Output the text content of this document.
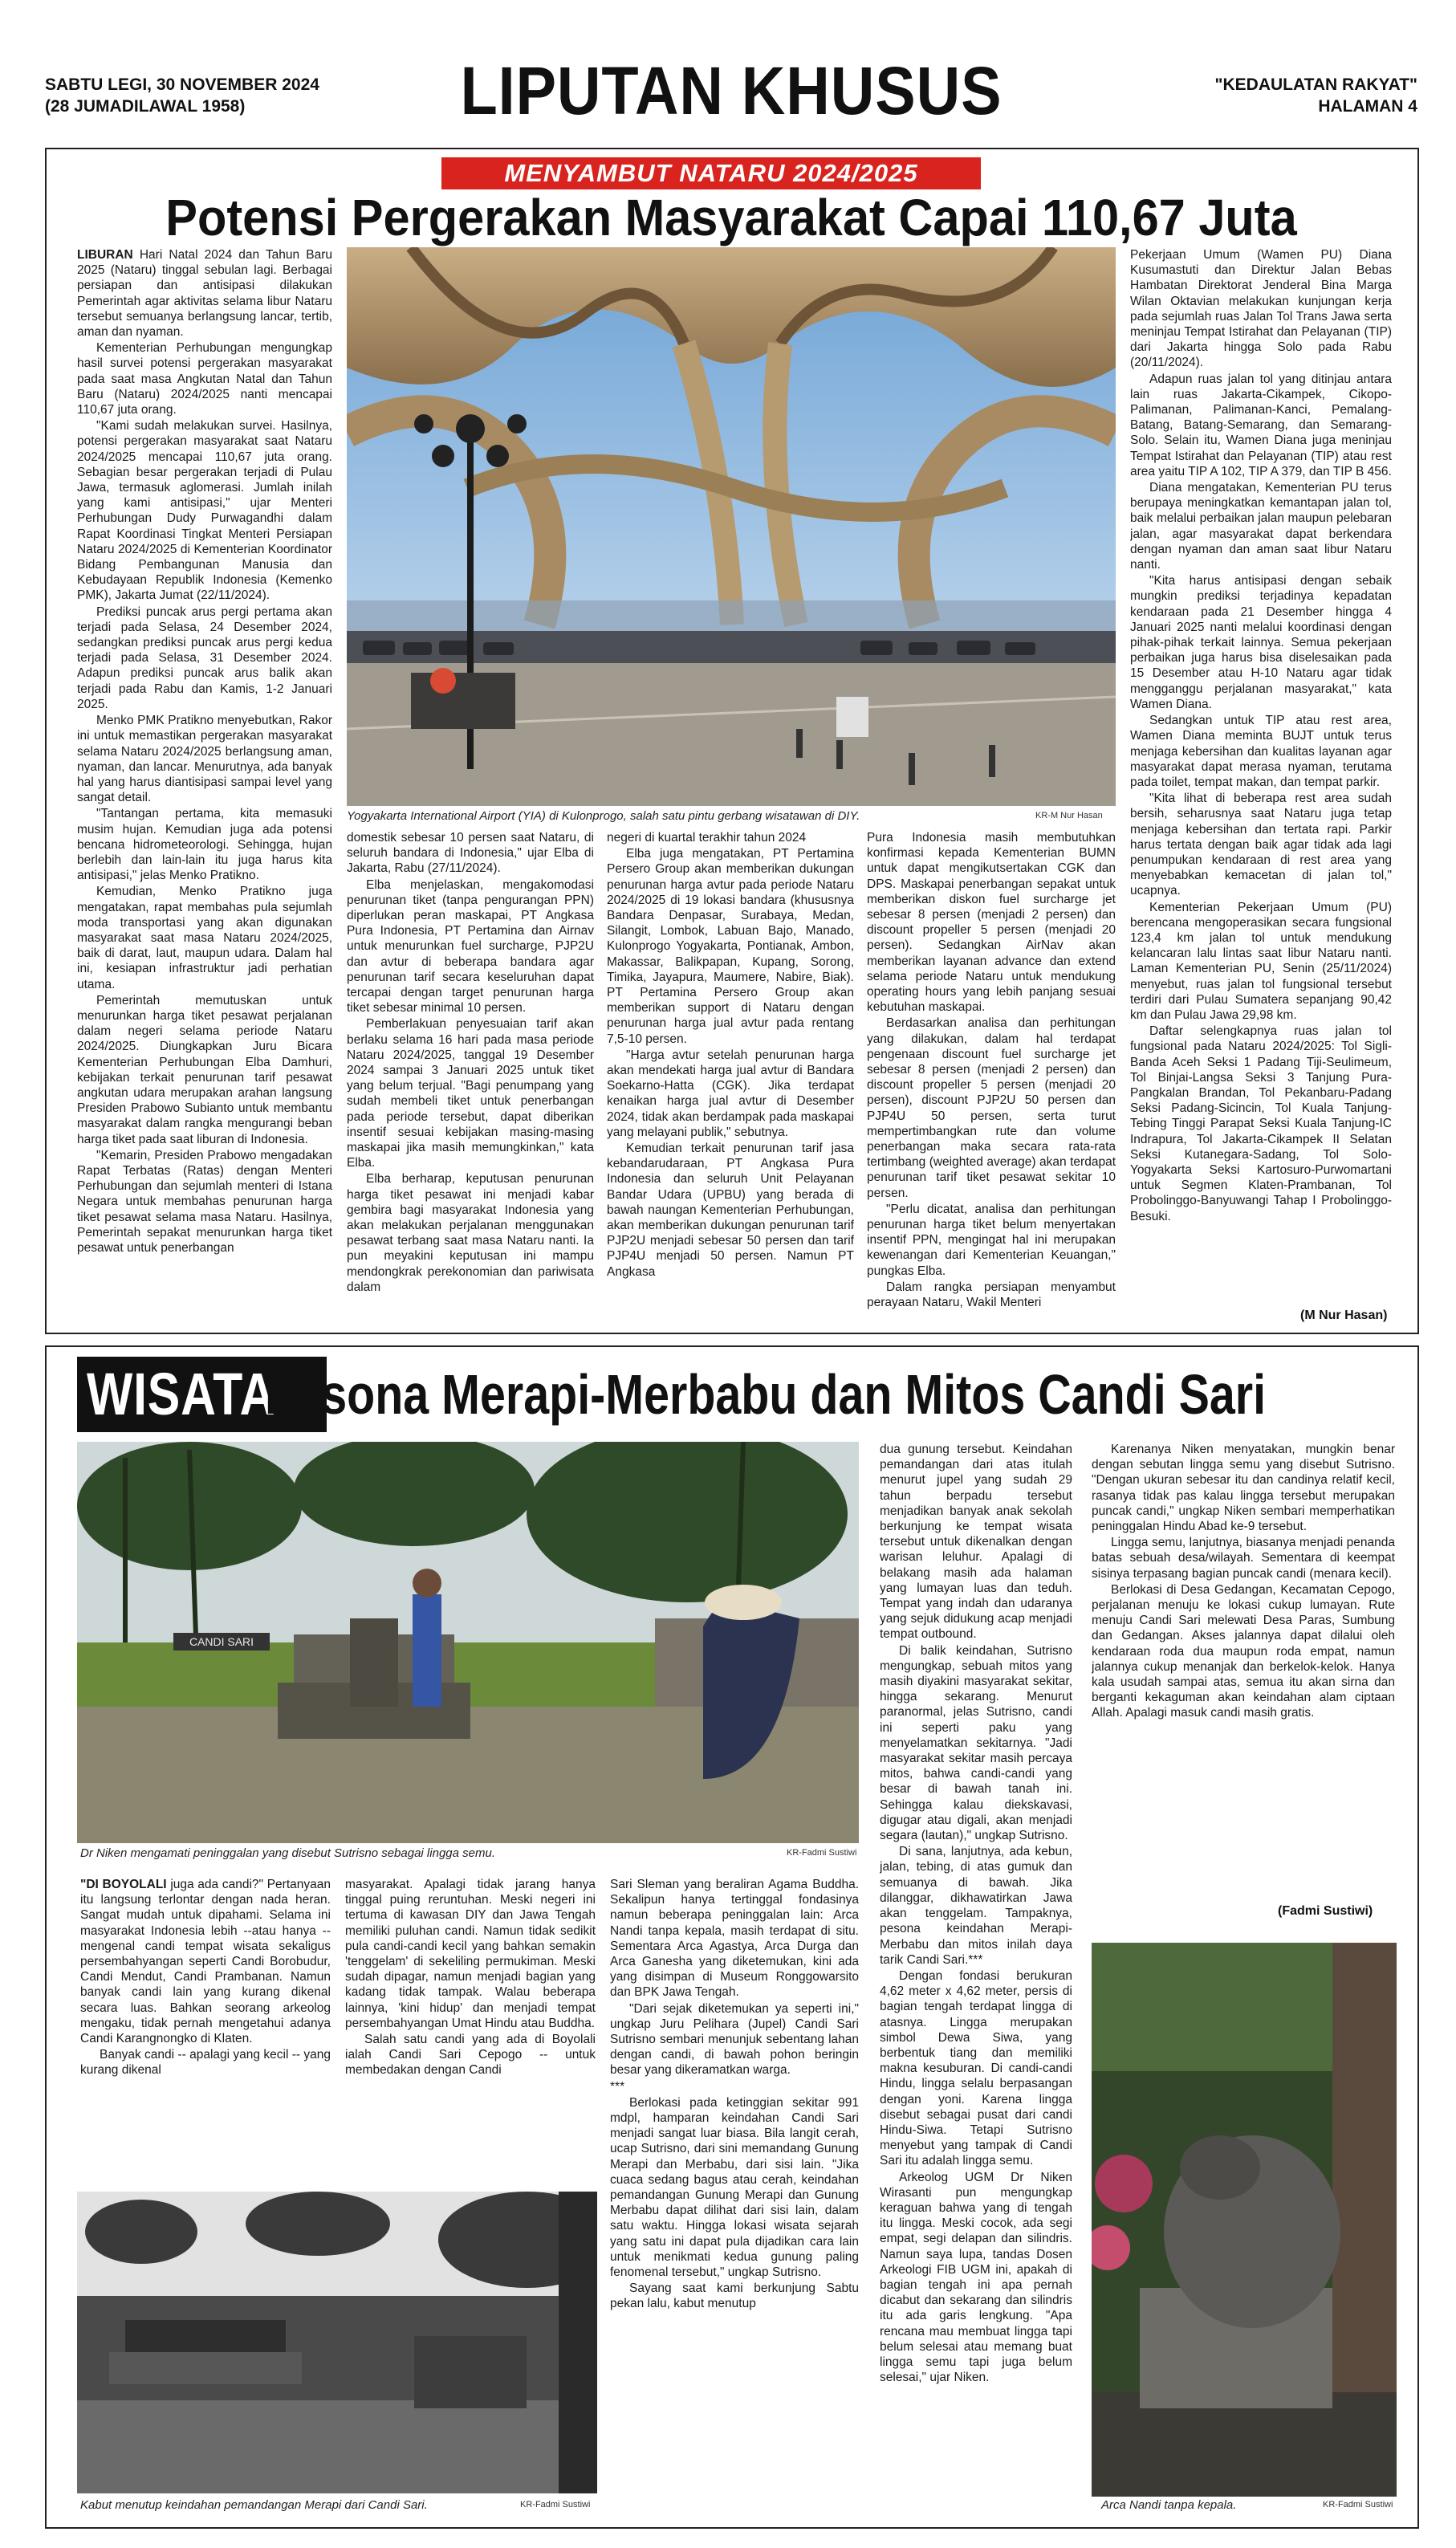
SABTU LEGI, 30 NOVEMBER 2024
(28 JUMADILAWAL 1958)	LIPUTAN KHUSUS	"KEDAULATAN RAKYAT"
HALAMAN 4
MENYAMBUT NATARU 2024/2025
Potensi Pergerakan Masyarakat Capai 110,67 Juta
Yogyakarta International Airport (YIA) di Kulonprogo, salah satu pintu gerbang wisatawan di DIY.	KR-M Nur Hasan

LIBURAN Hari Natal 2024 dan Tahun Baru 2025 (Nataru) tinggal sebulan lagi. Berbagai persiapan dan antisipasi dilakukan Pemerintah agar aktivitas selama libur Nataru tersebut semuanya berlangsung lancar, tertib, aman dan nyaman.

Kementerian Perhubungan mengungkap hasil survei potensi pergerakan masyarakat pada saat masa Angkutan Natal dan Tahun Baru (Nataru) 2024/2025 nanti mencapai 110,67 juta orang.

"Kami sudah melakukan survei. Hasilnya, potensi pergerakan masyarakat saat Nataru 2024/2025 mencapai 110,67 juta orang. Sebagian besar pergerakan terjadi di Pulau Jawa, termasuk aglomerasi. Jumlah inilah yang kami antisipasi," ujar Menteri Perhubungan Dudy Purwagandhi dalam Rapat Koordinasi Tingkat Menteri Persiapan Nataru 2024/2025 di Kementerian Koordinator Bidang Pembangunan Manusia dan Kebudayaan Republik Indonesia (Kemenko PMK), Jakarta Jumat (22/11/2024).

Prediksi puncak arus pergi pertama akan terjadi pada Selasa, 24 Desember 2024, sedangkan prediksi puncak arus pergi kedua terjadi pada Selasa, 31 Desember 2024. Adapun prediksi puncak arus balik akan terjadi pada Rabu dan Kamis, 1-2 Januari 2025.

Menko PMK Pratikno menyebutkan, Rakor ini untuk memastikan pergerakan masyarakat selama Nataru 2024/2025 berlangsung aman, nyaman, dan lancar. Menurutnya, ada banyak hal yang harus diantisipasi sampai level yang sangat detail.

"Tantangan pertama, kita memasuki musim hujan. Kemudian juga ada potensi bencana hidrometeorologi. Sehingga, hujan berlebih dan lain-lain itu juga harus kita antisipasi," jelas Menko Pratikno.

Kemudian, Menko Pratikno juga mengatakan, rapat membahas pula sejumlah moda transportasi yang akan digunakan masyarakat saat masa Nataru 2024/2025, baik di darat, laut, maupun udara. Dalam hal ini, kesiapan infrastruktur jadi perhatian utama.

Pemerintah memutuskan untuk menurunkan harga tiket pesawat perjalanan dalam negeri selama periode Nataru 2024/2025. Diungkapkan Juru Bicara Kementerian Perhubungan Elba Damhuri, kebijakan terkait penurunan tarif pesawat angkutan udara merupakan arahan langsung Presiden Prabowo Subianto untuk membantu masyarakat dalam rangka mengurangi beban harga tiket pada saat liburan di Indonesia.

"Kemarin, Presiden Prabowo mengadakan Rapat Terbatas (Ratas) dengan Menteri Perhubungan dan sejumlah menteri di Istana Negara untuk membahas penurunan harga tiket pesawat selama masa Nataru. Hasilnya, Pemerintah sepakat menurunkan harga tiket pesawat untuk penerbangan

domestik sebesar 10 persen saat Nataru, di seluruh bandara di Indonesia," ujar Elba di Jakarta, Rabu (27/11/2024).

Elba menjelaskan, mengakomodasi penurunan tiket (tanpa pengurangan PPN) diperlukan peran maskapai, PT Angkasa Pura Indonesia, PT Pertamina dan Airnav untuk menurunkan fuel surcharge, PJP2U dan avtur di beberapa bandara agar penurunan tarif secara keseluruhan dapat tercapai dengan target penurunan harga tiket sebesar minimal 10 persen.

Pemberlakuan penyesuaian tarif akan berlaku selama 16 hari pada masa periode Nataru 2024/2025, tanggal 19 Desember 2024 sampai 3 Januari 2025 untuk tiket yang belum terjual. "Bagi penumpang yang sudah membeli tiket untuk penerbangan pada periode tersebut, dapat diberikan insentif sesuai kebijakan masing-masing maskapai jika masih memungkinkan," kata Elba.

Elba berharap, keputusan penurunan harga tiket pesawat ini menjadi kabar gembira bagi masyarakat Indonesia yang akan melakukan perjalanan menggunakan pesawat terbang saat masa Nataru nanti. Ia pun meyakini keputusan ini mampu mendongkrak perekonomian dan pariwisata dalam

negeri di kuartal terakhir tahun 2024

Elba juga mengatakan, PT Pertamina Persero Group akan memberikan dukungan penurunan harga avtur pada periode Nataru 2024/2025 di 19 lokasi bandara (khususnya Bandara Denpasar, Surabaya, Medan, Silangit, Lombok, Labuan Bajo, Manado, Kulonprogo Yogyakarta, Pontianak, Ambon, Makassar, Balikpapan, Kupang, Sorong, Timika, Jayapura, Maumere, Nabire, Biak). PT Pertamina Persero Group akan memberikan support di Nataru dengan penurunan harga jual avtur pada rentang 7,5-10 persen.

"Harga avtur setelah penurunan harga akan mendekati harga jual avtur di Bandara Soekarno-Hatta (CGK). Jika terdapat kenaikan harga jual avtur di Desember 2024, tidak akan berdampak pada maskapai yang melayani publik," sebutnya.

Kemudian terkait penurunan tarif jasa kebandarudaraan, PT Angkasa Pura Indonesia dan seluruh Unit Pelayanan Bandar Udara (UPBU) yang berada di bawah naungan Kementerian Perhubungan, akan memberikan dukungan penurunan tarif PJP2U menjadi sebesar 50 persen dan tarif PJP4U menjadi 50 persen. Namun PT Angkasa

Pura Indonesia masih membutuhkan konfirmasi kepada Kementerian BUMN untuk dapat mengikutsertakan CGK dan DPS. Maskapai penerbangan sepakat untuk memberikan diskon fuel surcharge jet sebesar 8 persen (menjadi 2 persen) dan discount propeller 5 persen (menjadi 20 persen). Sedangkan AirNav akan memberikan layanan advance dan extend selama periode Nataru untuk mendukung operating hours yang lebih panjang sesuai kebutuhan maskapai.

Berdasarkan analisa dan perhitungan yang dilakukan, dalam hal terdapat pengenaan discount fuel surcharge jet sebesar 8 persen (menjadi 2 persen) dan discount propeller 5 persen (menjadi 20 persen), discount PJP2U 50 persen dan PJP4U 50 persen, serta turut mempertimbangkan rute dan volume penerbangan maka secara rata-rata tertimbang (weighted average) akan terdapat penurunan tarif tiket pesawat sekitar 10 persen.

"Perlu dicatat, analisa dan perhitungan penurunan harga tiket belum menyertakan insentif PPN, mengingat hal ini merupakan kewenangan dari Kementerian Keuangan," pungkas Elba.

Dalam rangka persiapan menyambut perayaan Nataru, Wakil Menteri

Pekerjaan Umum (Wamen PU) Diana Kusumastuti dan Direktur Jalan Bebas Hambatan Direktorat Jenderal Bina Marga Wilan Oktavian melakukan kunjungan kerja pada sejumlah ruas Jalan Tol Trans Jawa serta meninjau Tempat Istirahat dan Pelayanan (TIP) dari Jakarta hingga Solo pada Rabu (20/11/2024).

Adapun ruas jalan tol yang ditinjau antara lain ruas Jakarta-Cikampek, Cikopo-Palimanan, Palimanan-Kanci, Pemalang-Batang, Batang-Semarang, dan Semarang-Solo. Selain itu, Wamen Diana juga meninjau Tempat Istirahat dan Pelayanan (TIP) atau rest area yaitu TIP A 102, TIP A 379, dan TIP B 456.

Diana mengatakan, Kementerian PU terus berupaya meningkatkan kemantapan jalan tol, baik melalui perbaikan jalan maupun pelebaran jalan, agar masyarakat dapat berkendara dengan nyaman dan aman saat libur Nataru nanti.

"Kita harus antisipasi dengan sebaik mungkin prediksi terjadinya kepadatan kendaraan pada 21 Desember hingga 4 Januari 2025 nanti melalui koordinasi dengan pihak-pihak terkait lainnya. Semua pekerjaan perbaikan juga harus bisa diselesaikan pada 15 Desember atau H-10 Nataru agar tidak mengganggu perjalanan masyarakat," kata Wamen Diana.

Sedangkan untuk TIP atau rest area, Wamen Diana meminta BUJT untuk terus menjaga kebersihan dan kualitas layanan agar masyarakat dapat merasa nyaman, terutama pada toilet, tempat makan, dan tempat parkir.

"Kita lihat di beberapa rest area sudah bersih, seharusnya saat Nataru juga tetap menjaga kebersihan dan tertata rapi. Parkir harus tertata dengan baik agar tidak ada lagi penumpukan kendaraan di rest area yang menyebabkan kemacetan di jalan tol," ucapnya.

Kementerian Pekerjaan Umum (PU) berencana mengoperasikan secara fungsional 123,4 km jalan tol untuk mendukung kelancaran lalu lintas saat libur Nataru nanti. Laman Kementerian PU, Senin (25/11/2024) menyebut, ruas jalan tol fungsional tersebut terdiri dari Pulau Sumatera sepanjang 90,42 km dan Pulau Jawa 29,98 km.

Daftar selengkapnya ruas jalan tol fungsional pada Nataru 2024/2025: Tol Sigli-Banda Aceh Seksi 1 Padang Tiji-Seulimeum, Tol Binjai-Langsa Seksi 3 Tanjung Pura-Pangkalan Brandan, Tol Pekanbaru-Padang Seksi Padang-Sicincin, Tol Kuala Tanjung-Tebing Tinggi Parapat Seksi Kuala Tanjung-IC Indrapura, Tol Jakarta-Cikampek II Selatan Seksi Kutanegara-Sadang, Tol Solo-Yogyakarta Seksi Kartosuro-Purwomartani untuk Segmen Klaten-Prambanan, Tol Probolinggo-Banyuwangi Tahap I Probolinggo-Besuki.

(M Nur Hasan)
WISATA
Pesona Merapi-Merbabu dan Mitos Candi Sari
CANDI SARI
Dr Niken mengamati peninggalan yang disebut Sutrisno sebagai lingga semu.	KR-Fadmi Sustiwi
Kabut menutup keindahan pemandangan Merapi dari Candi Sari.	KR-Fadmi Sustiwi	Arca Nandi tanpa kepala.	KR-Fadmi Sustiwi

"DI BOYOLALI juga ada candi?" Pertanyaan itu langsung terlontar dengan nada heran. Sangat mudah untuk dipahami. Selama ini masyarakat Indonesia lebih --atau hanya -- mengenal candi tempat wisata sekaligus persembahyangan seperti Candi Borobudur, Candi Mendut, Candi Prambanan. Namun banyak candi lain yang kurang dikenal secara luas. Bahkan seorang arkeolog mengaku, tidak pernah mengetahui adanya Candi Karangnongko di Klaten.

Banyak candi -- apalagi yang kecil -- yang kurang dikenal

masyarakat. Apalagi tidak jarang hanya tinggal puing reruntuhan. Meski negeri ini tertuma di kawasan DIY dan Jawa Tengah memiliki puluhan candi. Namun tidak sedikit pula candi-candi kecil yang bahkan semakin 'tenggelam' di sekeliling permukiman. Meski sudah dipagar, namun menjadi bagian yang kadang tidak tampak. Walau beberapa lainnya, 'kini hidup' dan menjadi tempat persembahyangan Umat Hindu atau Buddha.

Salah satu candi yang ada di Boyolali ialah Candi Sari Cepogo -- untuk membedakan dengan Candi

Sari Sleman yang beraliran Agama Buddha. Sekalipun hanya tertinggal fondasinya namun beberapa peninggalan lain: Arca Nandi tanpa kepala, masih terdapat di situ. Sementara Arca Agastya, Arca Durga dan Arca Ganesha yang diketemukan, kini ada yang disimpan di Museum Ronggowarsito dan BPK Jawa Tengah.

"Dari sejak diketemukan ya seperti ini," ungkap Juru Pelihara (Jupel) Candi Sari Sutrisno sembari menunjuk sebentang lahan dengan candi, di bawah pohon beringin besar yang dikeramatkan warga.

***

Berlokasi pada ketinggian sekitar 991 mdpl, hamparan keindahan Candi Sari menjadi sangat luar biasa. Bila langit cerah, ucap Sutrisno, dari sini memandang Gunung Merapi dan Merbabu, dari sisi lain. "Jika cuaca sedang bagus atau cerah, keindahan pemandangan Gunung Merapi dan Gunung Merbabu dapat dilihat dari sisi lain, dalam satu waktu. Hingga lokasi wisata sejarah yang satu ini dapat pula dijadikan cara lain untuk menikmati kedua gunung paling fenomenal tersebut," ungkap Sutrisno.

Sayang saat kami berkunjung Sabtu pekan lalu, kabut menutup

dua gunung tersebut. Keindahan pemandangan dari atas itulah menurut jupel yang sudah 29 tahun berpadu tersebut menjadikan banyak anak sekolah berkunjung ke tempat wisata tersebut untuk dikenalkan dengan warisan leluhur. Apalagi di belakang masih ada halaman yang lumayan luas dan teduh. Tempat yang indah dan udaranya yang sejuk didukung acap menjadi tempat outbound.

Di balik keindahan, Sutrisno mengungkap, sebuah mitos yang masih diyakini masyarakat sekitar, hingga sekarang. Menurut paranormal, jelas Sutrisno, candi ini seperti paku yang menyelamatkan sekitarnya. "Jadi masyarakat sekitar masih percaya mitos, bahwa candi-candi yang besar di bawah tanah ini. Sehingga kalau diekskavasi, digugar atau digali, akan menjadi segara (lautan)," ungkap Sutrisno.

Di sana, lanjutnya, ada kebun, jalan, tebing, di atas gumuk dan semuanya di bawah. Jika dilanggar, dikhawatirkan Jawa akan tenggelam. Tampaknya, pesona keindahan Merapi-Merbabu dan mitos inilah daya tarik Candi Sari.***

Dengan fondasi berukuran 4,62 meter x 4,62 meter, persis di bagian tengah terdapat lingga di atasnya. Lingga merupakan simbol Dewa Siwa, yang berbentuk tiang dan memiliki makna kesuburan. Di candi-candi Hindu, lingga selalu berpasangan dengan yoni. Karena lingga disebut sebagai pusat dari candi Hindu-Siwa. Tetapi Sutrisno menyebut yang tampak di Candi Sari itu adalah lingga semu.

Arkeolog UGM Dr Niken Wirasanti pun mengungkap keraguan bahwa yang di tengah itu lingga. Meski cocok, ada segi empat, segi delapan dan silindris. Namun saya lupa, tandas Dosen Arkeologi FIB UGM ini, apakah di bagian tengah ini apa pernah dicabut dan sekarang dan silindris itu ada garis lengkung. "Apa rencana mau membuat lingga tapi belum selesai atau memang buat lingga semu tapi juga belum selesai," ujar Niken.

Karenanya Niken menyatakan, mungkin benar dengan sebutan lingga semu yang disebut Sutrisno. "Dengan ukuran sebesar itu dan candinya relatif kecil, rasanya tidak pas kalau lingga tersebut merupakan puncak candi," ungkap Niken sembari memperhatikan peninggalan Hindu Abad ke-9 tersebut.

Lingga semu, lanjutnya, biasanya menjadi penanda batas sebuah desa/wilayah. Sementara di keempat sisinya terpasang bagian puncak candi (menara kecil).

Berlokasi di Desa Gedangan, Kecamatan Cepogo, perjalanan menuju ke lokasi cukup lumayan. Rute menuju Candi Sari melewati Desa Paras, Sumbung dan Gedangan. Akses jalannya dapat dilalui oleh kendaraan roda dua maupun roda empat, namun jalannya cukup menanjak dan berkelok-kelok. Hanya kala usudah sampai atas, semua itu akan sirna dan berganti kekaguman akan keindahan alam ciptaan Allah. Apalagi masuk candi masih gratis.

(Fadmi Sustiwi)
